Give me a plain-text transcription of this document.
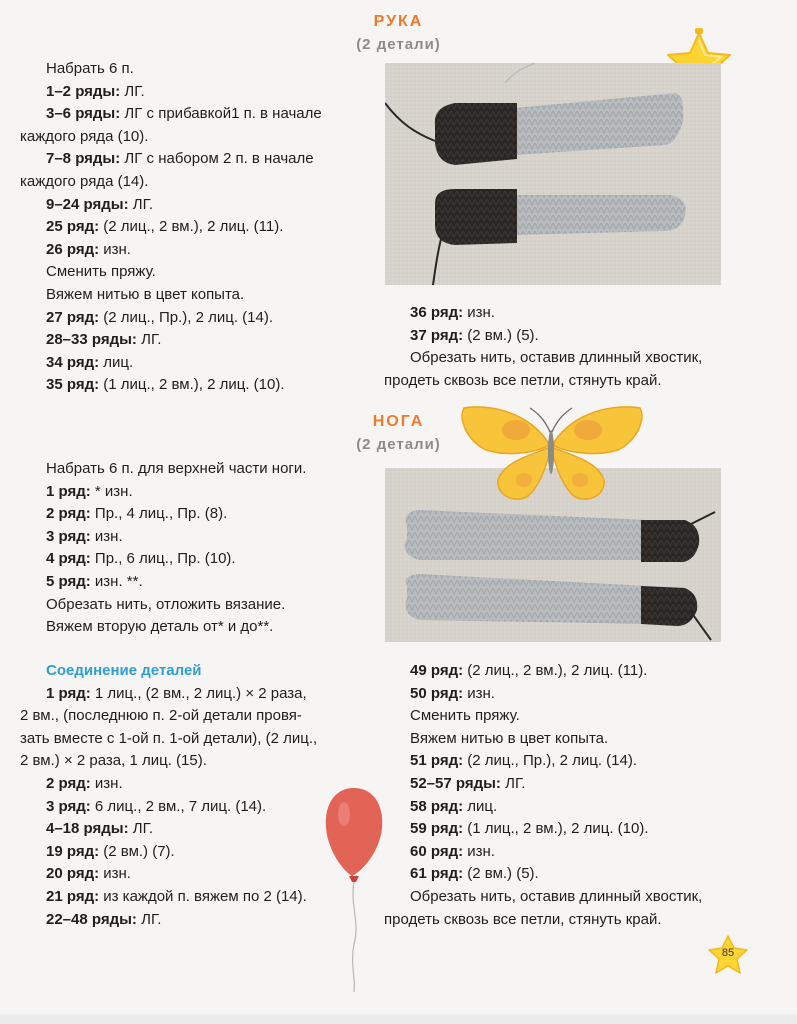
РУКА
(2 детали)

Набрать 6 п.

1–2 ряды: ЛГ.

3–6 ряды: ЛГ с прибавкой1 п. в начале

каждого ряда (10).

7–8 ряды: ЛГ с набором 2 п. в начале

каждого ряда (14).

9–24 ряды: ЛГ.

25 ряд: (2 лиц., 2 вм.), 2 лиц. (11).

26 ряд: изн.

Сменить пряжу.

Вяжем нитью в цвет копыта.

27 ряд: (2 лиц., Пр.), 2 лиц. (14).

28–33 ряды: ЛГ.

34 ряд: лиц.

35 ряд: (1 лиц., 2 вм.), 2 лиц. (10).

36 ряд: изн.

37 ряд: (2 вм.) (5).

Обрезать нить, оставив длинный хвостик,

продеть сквозь все петли, стянуть край.

НОГА
(2 детали)

Набрать 6 п. для верхней части ноги.

1 ряд: * изн.

2 ряд: Пр., 4 лиц., Пр. (8).

3 ряд: изн.

4 ряд: Пр., 6 лиц., Пр. (10).

5 ряд: изн. **.

Обрезать нить, отложить вязание.

Вяжем вторую деталь от* и до**.

Соединение деталей

1 ряд: 1 лиц., (2 вм., 2 лиц.) × 2 раза,

2 вм., (последнюю п. 2-ой детали провя-

зать вместе с 1-ой п. 1-ой детали), (2 лиц.,

2 вм.) × 2 раза, 1 лиц. (15).

2 ряд: изн.

3 ряд: 6 лиц., 2 вм., 7 лиц. (14).

4–18 ряды: ЛГ.

19 ряд: (2 вм.) (7).

20 ряд: изн.

21 ряд: из каждой п. вяжем по 2 (14).

22–48 ряды: ЛГ.

49 ряд: (2 лиц., 2 вм.), 2 лиц. (11).

50 ряд: изн.

Сменить пряжу.

Вяжем нитью в цвет копыта.

51 ряд: (2 лиц., Пр.), 2 лиц. (14).

52–57 ряды: ЛГ.

58 ряд: лиц.

59 ряд: (1 лиц., 2 вм.), 2 лиц. (10).

60 ряд: изн.

61 ряд: (2 вм.) (5).

Обрезать нить, оставив длинный хвостик,

продеть сквозь все петли, стянуть край.

85
